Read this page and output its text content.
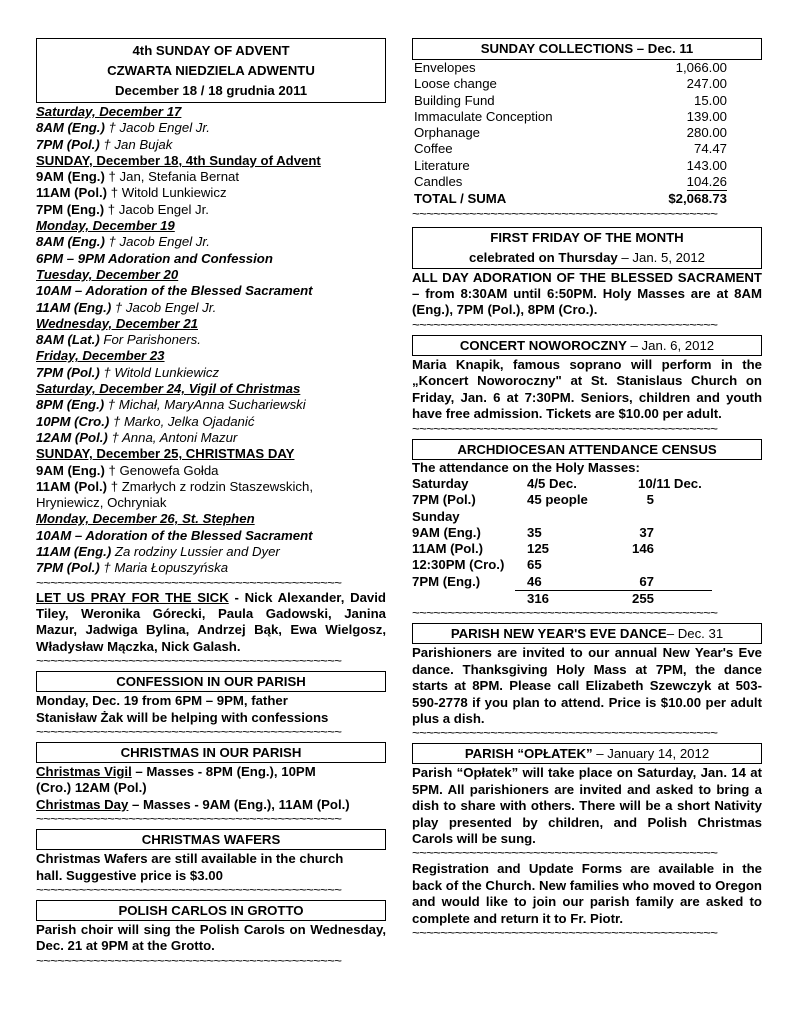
4th SUNDAY OF ADVENT
CZWARTA NIEDZIELA ADWENTU
December 18 / 18 grudnia 2011
Saturday, December 17
8AM (Eng.) † Jacob Engel Jr.
7PM (Pol.) † Jan Bujak
SUNDAY, December 18, 4th Sunday of Advent
9AM (Eng.) † Jan, Stefania Bernat
11AM (Pol.) † Witold Lunkiewicz
7PM (Eng.) † Jacob Engel Jr.
Monday, December 19
8AM (Eng.) † Jacob Engel Jr.
6PM – 9PM Adoration and Confession
Tuesday, December 20
10AM – Adoration of the Blessed Sacrament
11AM (Eng.) † Jacob Engel Jr.
Wednesday, December 21
8AM (Lat.) For Parishoners.
Friday, December 23
7PM (Pol.) † Witold Lunkiewicz
Saturday, December 24, Vigil of Christmas
8PM (Eng.) † Michał, MaryAnna Suchariewski
10PM (Cro.) † Marko, Jelka Ojadanić
12AM (Pol.) † Anna, Antoni Mazur
SUNDAY, December 25, CHRISTMAS DAY
9AM (Eng.) † Genowefa Gołda
11AM (Pol.) † Zmarłych z rodzin Staszewskich,
Hryniewicz, Ochryniak
Monday, December 26, St. Stephen
10AM – Adoration of the Blessed Sacrament
11AM (Eng.) Za rodziny Lussier and Dyer
7PM (Pol.) † Maria Łopuszyńska
~~~~~~~~~~~~~~~~~~~~~~~~~~~~~~~~~~~~~~~~~~~
LET US PRAY FOR THE SICK - Nick Alexander, David Tiley, Weronika Górecki, Paula Gadowski, Janina Mazur, Jadwiga Bylina, Andrzej Bąk, Ewa Wielgosz, Władysław Mączka, Nick Galash.
~~~~~~~~~~~~~~~~~~~~~~~~~~~~~~~~~~~~~~~~~~~
CONFESSION IN OUR PARISH
Monday, Dec. 19 from 6PM – 9PM, father
Stanisław Żak will be helping with confessions
~~~~~~~~~~~~~~~~~~~~~~~~~~~~~~~~~~~~~~~~~~~
CHRISTMAS IN OUR PARISH
Christmas Vigil – Masses - 8PM (Eng.), 10PM
(Cro.) 12AM (Pol.)
Christmas Day – Masses - 9AM (Eng.), 11AM (Pol.)
~~~~~~~~~~~~~~~~~~~~~~~~~~~~~~~~~~~~~~~~~~~
CHRISTMAS WAFERS
Christmas Wafers are still available in the church
hall. Suggestive price is $3.00
~~~~~~~~~~~~~~~~~~~~~~~~~~~~~~~~~~~~~~~~~~~
POLISH CARLOS IN GROTTO
Parish choir will sing the Polish Carols on Wednesday, Dec. 21 at 9PM at the Grotto.
~~~~~~~~~~~~~~~~~~~~~~~~~~~~~~~~~~~~~~~~~~~
SUNDAY COLLECTIONS – Dec. 11
Envelopes	1,066.00
Loose change	247.00
Building Fund	15.00
Immaculate Conception	139.00
Orphanage	280.00
Coffee	74.47
Literature	143.00
Candles	104.26
TOTAL / SUMA	$2,068.73
~~~~~~~~~~~~~~~~~~~~~~~~~~~~~~~~~~~~~~~~~~~
FIRST FRIDAY OF THE MONTH
celebrated on Thursday – Jan. 5, 2012
ALL DAY ADORATION OF THE BLESSED SACRAMENT – from 8:30AM until 6:50PM. Holy Masses are at 8AM (Eng.), 7PM (Pol.), 8PM (Cro.).
~~~~~~~~~~~~~~~~~~~~~~~~~~~~~~~~~~~~~~~~~~~
CONCERT NOWOROCZNY – Jan. 6, 2012
Maria Knapik, famous soprano will perform in the „Koncert Noworoczny" at St. Stanislaus Church on Friday, Jan. 6 at 7:30PM. Seniors, children and youth have free admission. Tickets are $10.00 per adult.
~~~~~~~~~~~~~~~~~~~~~~~~~~~~~~~~~~~~~~~~~~~
ARCHDIOCESAN ATTENDANCE CENSUS
The attendance on the Holy Masses:
Saturday	4/5 Dec.	10/11 Dec.
7PM (Pol.)	45 people	5
Sunday		
9AM (Eng.)	35	37
11AM (Pol.)	125	146
12:30PM (Cro.)	65	
7PM (Eng.)	46	67
	316	255
~~~~~~~~~~~~~~~~~~~~~~~~~~~~~~~~~~~~~~~~~~~
PARISH NEW YEAR'S EVE DANCE– Dec. 31
Parishioners are invited to our annual New Year's Eve dance. Thanksgiving Holy Mass at 7PM, the dance starts at 8PM. Please call Elizabeth Szewczyk at 503-590-2778 if you plan to attend. Price is $10.00 per adult plus a dish.
~~~~~~~~~~~~~~~~~~~~~~~~~~~~~~~~~~~~~~~~~~~
PARISH “OPŁATEK” – January 14, 2012
Parish “Opłatek” will take place on Saturday, Jan. 14 at 5PM. All parishioners are invited and asked to bring a dish to share with others. There will be a short Nativity play presented by children, and Polish Christmas Carols will be sung.
~~~~~~~~~~~~~~~~~~~~~~~~~~~~~~~~~~~~~~~~~~~
Registration and Update Forms are available in the back of the Church. New families who moved to Oregon and would like to join our parish family are asked to complete and return it to Fr. Piotr.
~~~~~~~~~~~~~~~~~~~~~~~~~~~~~~~~~~~~~~~~~~~
